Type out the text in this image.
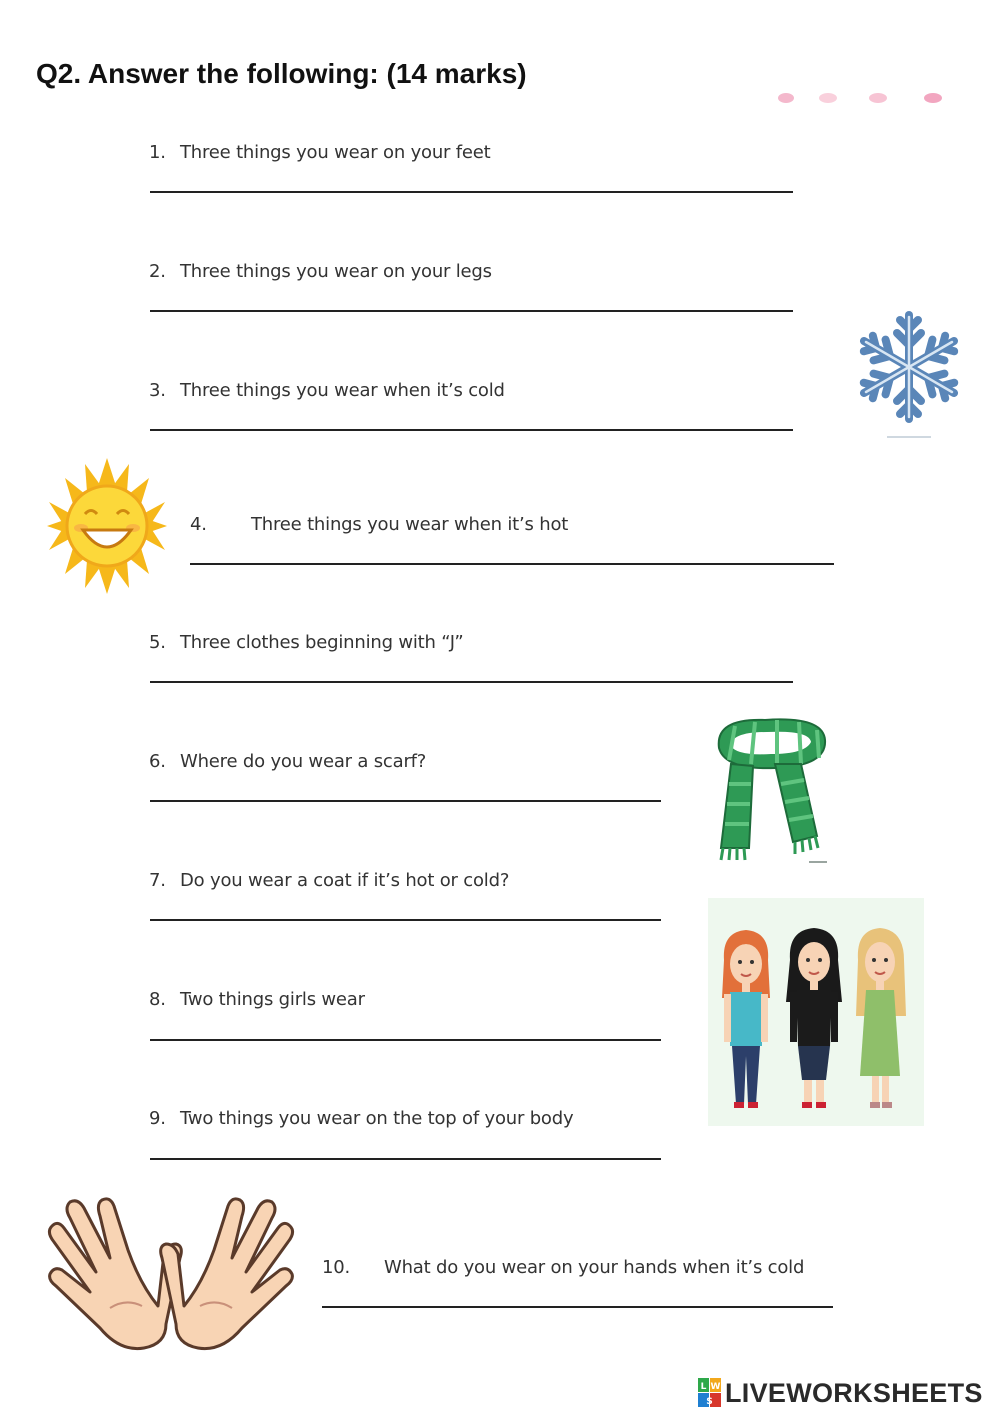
Q2. Answer the following: (14 marks)
1. Three things you wear on your feet
2. Three things you wear on your legs
3. Three things you wear when it’s cold
4. Three things you wear when it’s hot
5. Three clothes beginning with “J”
6. Where do you wear a scarf?
7. Do you wear a coat if it’s hot or cold?
8. Two things girls wear
9. Two things you wear on the top of your body
10. What do you wear on your hands when it’s cold
L W
S LIVEWORKSHEETS
